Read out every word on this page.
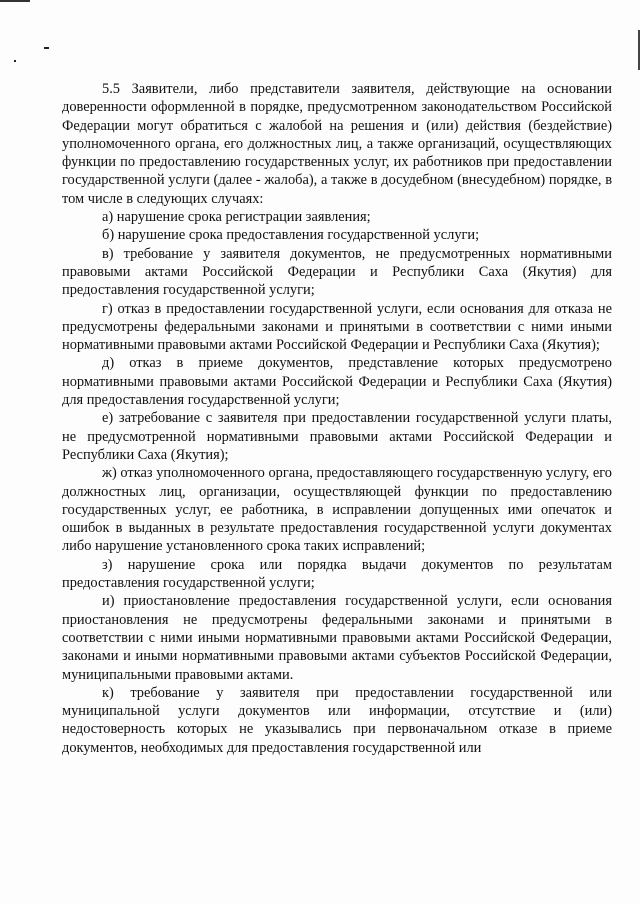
5.5 Заявители, либо представители заявителя, действующие на основании доверенности оформленной в порядке, предусмотренном законодательством Российской Федерации могут обратиться с жалобой на решения и (или) действия (бездействие) уполномоченного органа, его должностных лиц, а также организаций, осуществляющих функции по предоставлению государственных услуг, их работников при предоставлении государственной услуги (далее - жалоба), а также в досудебном (внесудебном) порядке, в том числе в следующих случаях:

а) нарушение срока регистрации заявления;

б) нарушение срока предоставления государственной услуги;

в) требование у заявителя документов, не предусмотренных нормативными правовыми актами Российской Федерации и Республики Саха (Якутия) для предоставления государственной услуги;

г) отказ в предоставлении государственной услуги, если основания для отказа не предусмотрены федеральными законами и принятыми в соответствии с ними иными нормативными правовыми актами Российской Федерации и Республики Саха (Якутия);

д) отказ в приеме документов, представление которых предусмотрено нормативными правовыми актами Российской Федерации и Республики Саха (Якутия) для предоставления государственной услуги;

е) затребование с заявителя при предоставлении государственной услуги платы, не предусмотренной нормативными правовыми актами Российской Федерации и Республики Саха (Якутия);

ж) отказ уполномоченного органа, предоставляющего государственную услугу, его должностных лиц, организации, осуществляющей функции по предоставлению государственных услуг, ее работника, в исправлении допущенных ими опечаток и ошибок в выданных в результате предоставления государственной услуги документах либо нарушение установленного срока таких исправлений;

з) нарушение срока или порядка выдачи документов по результатам предоставления государственной услуги;

и) приостановление предоставления государственной услуги, если основания приостановления не предусмотрены федеральными законами и принятыми в соответствии с ними иными нормативными правовыми актами Российской Федерации, законами и иными нормативными правовыми актами субъектов Российской Федерации, муниципальными правовыми актами.

к) требование у заявителя при предоставлении государственной или муниципальной услуги документов или информации, отсутствие и (или) недостоверность которых не указывались при первоначальном отказе в приеме документов, необходимых для предоставления государственной или
